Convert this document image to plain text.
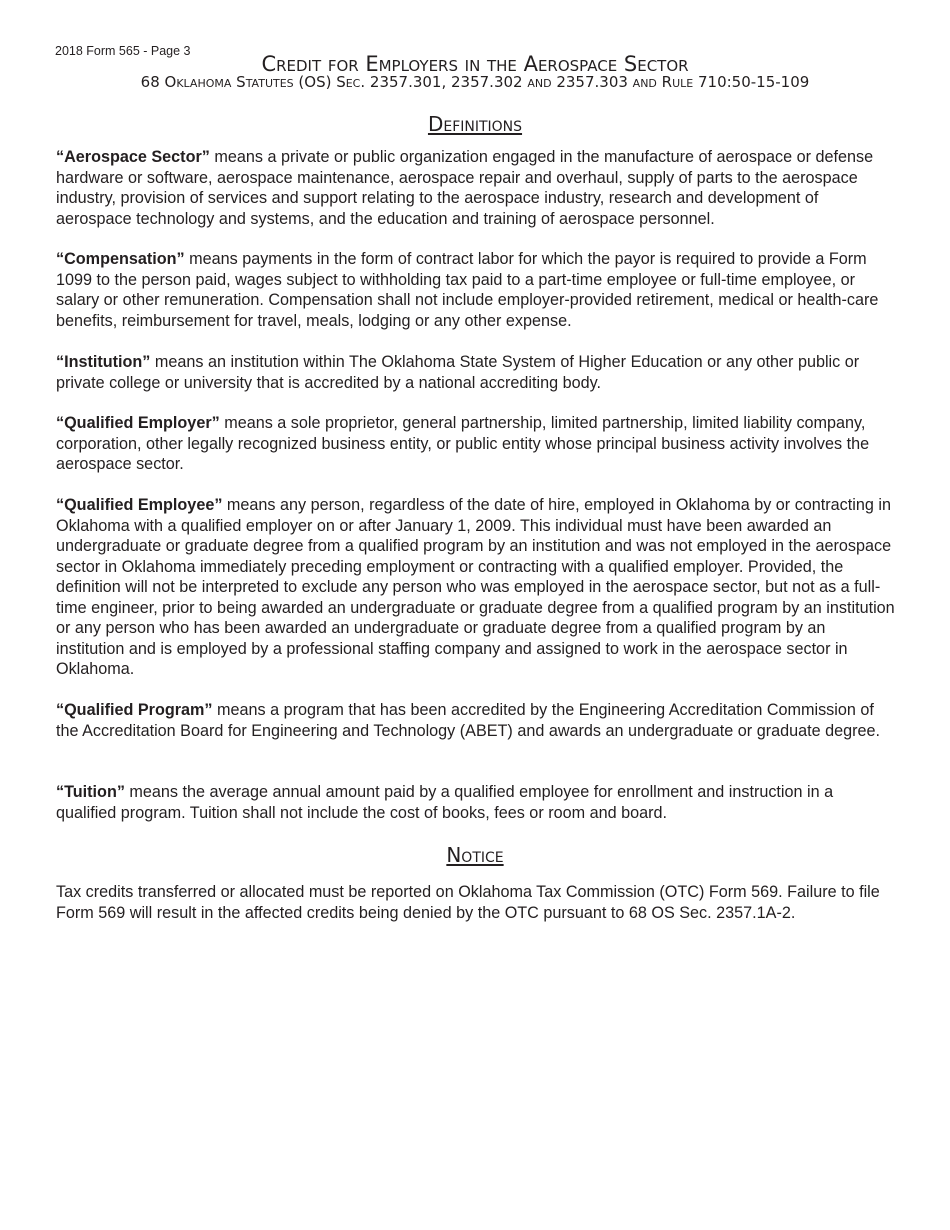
2018 Form 565 - Page 3
Credit for Employers in the Aerospace Sector
68 Oklahoma Statutes (OS) Sec. 2357.301, 2357.302 and 2357.303 and Rule 710:50-15-109
Definitions

“Aerospace Sector” means a private or public organization engaged in the manufacture of aerospace or defense hardware or software, aerospace maintenance, aerospace repair and overhaul, supply of parts to the aerospace industry, provision of services and support relating to the aerospace industry, research and development of aerospace technology and systems, and the education and training of aerospace personnel.

“Compensation” means payments in the form of contract labor for which the payor is required to provide a Form 1099 to the person paid, wages subject to withholding tax paid to a part-time employee or full-time employee, or salary or other remuneration. Compensation shall not include employer-provided retirement, medical or health-care benefits, reimbursement for travel, meals, lodging or any other expense.

“Institution” means an institution within The Oklahoma State System of Higher Education or any other public or private college or university that is accredited by a national accrediting body.

“Qualified Employer” means a sole proprietor, general partnership, limited partnership, limited liability company, corporation, other legally recognized business entity, or public entity whose principal business activity involves the aerospace sector.

“Qualified Employee” means any person, regardless of the date of hire, employed in Oklahoma by or contracting in Oklahoma with a qualified employer on or after January 1, 2009. This individual must have been awarded an undergraduate or graduate degree from a qualified program by an institution and was not employed in the aerospace sector in Oklahoma immediately preceding employment or contracting with a qualified employer. Provided, the definition will not be interpreted to exclude any person who was employed in the aerospace sector, but not as a full-time engineer, prior to being awarded an undergraduate or graduate degree from a qualified program by an institution or any person who has been awarded an undergraduate or graduate degree from a qualified program by an institution and is employed by a professional staffing company and assigned to work in the aerospace sector in Oklahoma.

“Qualified Program” means a program that has been accredited by the Engineering Accreditation Commission of the Accreditation Board for Engineering and Technology (ABET) and awards an undergraduate or graduate degree.

“Tuition” means the average annual amount paid by a qualified employee for enrollment and instruction in a qualified program. Tuition shall not include the cost of books, fees or room and board.

Notice

Tax credits transferred or allocated must be reported on Oklahoma Tax Commission (OTC) Form 569. Failure to file Form 569 will result in the affected credits being denied by the OTC pursuant to 68 OS Sec. 2357.1A-2.
